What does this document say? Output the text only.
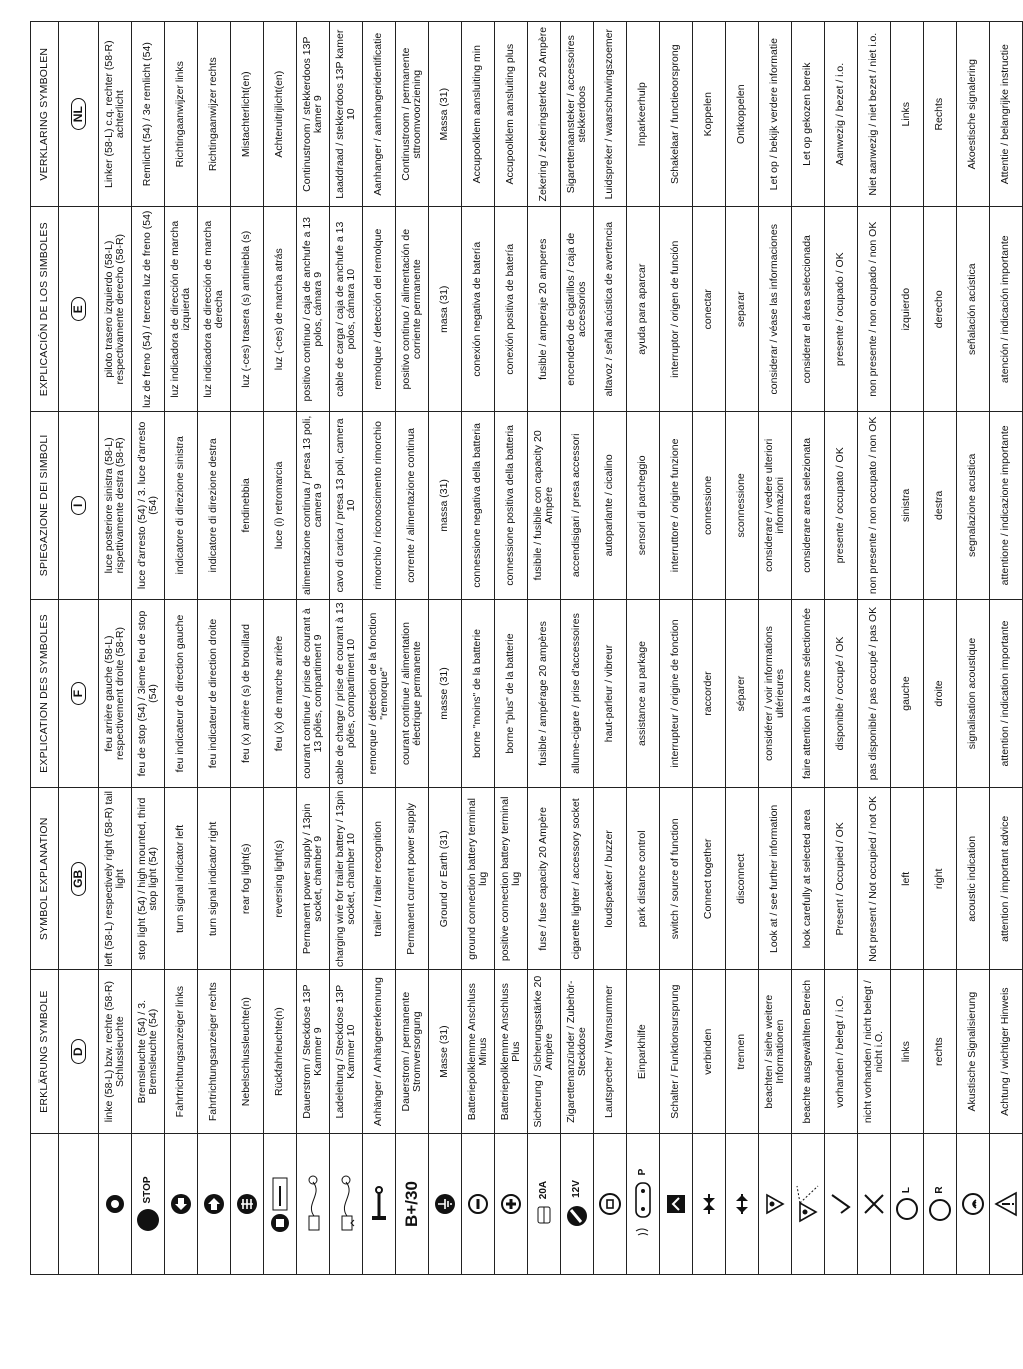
	ERKLÄRUNG SYMBOLE	SYMBOL EXPLANATION	EXPLICATION DES SYMBOLES	SPIEGAZIONE DEI SIMBOLI	EXPLICACIÓN DE LOS SIMBOLES	VERKLARING SYMBOLEN
	D	GB	F	I	E	NL

	linke (58-L) bzw. rechte (58-R) Schlussleuchte	left (58-L) respectively right (58-R) tail light	feu arrière gauche (58-L) respectivement droite (58-R)	luce posteriore sinistra (58-L) rispettivamente destra (58-R)	piloto trasero izquierdo (58-L) respectivamente derecho (58-R)	Linker (58-L) c.q. rechter (58-R) achterlicht

STOP	Bremsleuchte (54) / 3. Bremsleuchte (54)	stop light (54) / high mounted, third stop light (54)	feu de stop (54) / 3ieme feu de stop (54)	luce d'arresto (54) / 3. luce d'arresto (54)	luz de freno (54) / tercera luz de freno (54)	Remlicht (54) / 3e remlicht (54)

	Fahrtrichtungsanzeiger links	turn signal indicator left	feu indicateur de direction gauche	indicatore di direzione sinistra	luz indicadora de dirección de marcha izquierda	Richtingaanwijzer links

	Fahrtrichtungsanzeiger rechts	turn signal indicator right	feu indicateur de direction droite	indicatore di direzione destra	luz indicadora de dirección de marcha derecha	Richtingaanwijzer rechts

	Nebelschlussleuchte(n)	rear fog light(s)	feu (x) arrière (s) de brouillard	fendinebbia	luz (-ces) trasera (s) antiniebla (s)	Mistachterlicht(en)

	Rückfahrleuchte(n)	reversing light(s)	feu (x) de marche arrière	luce (i) retromarcia	luz (-ces) de marcha atrás	Achteruitrijlicht(en)

	Dauerstrom / Steckdose 13P Kammer 9	Permanent power supply / 13pin socket, chamber 9	courant continue / prise de courant à 13 pôles, compartiment 9	alimentazione continua / presa 13 poli, camera 9	positivo continuo / caja de anchufe a 13 polos, cámara 9	Continustroom / stekkerdoos 13P kamer 9

	Ladeleitung / Steckdose 13P Kammer 10	charging wire for trailer battery / 13pin socket, chamber 10	cable de charge / prise de courant à 13 pôles, compartiment 10	cavo di carica / presa 13 poli, camera 10	cable de carga / caja de anchufe a 13 polos, cámara 10	Laaddraad / stekkerdoos 13P kamer 10

	Anhänger / Anhängererkennung	trailer / trailer recognition	remorque / détection de la fonction "remorque"	rimorchio / riconoscimento rimorchio	remolque / detección del remolque	Aanhanger / aanhangeridentificatie

B+/30	Dauerstrom / permanente Stromversorgung	Permanent current power supply	courant continue / alimentation électrique permanente	corrente / alimentazione continua	positivo continuo / alimentación de corriente permanente	Continustroom / permanente sttroomvoorziening

	Masse (31)	Ground or Earth (31)	masse (31)	massa (31)	masa (31)	Massa (31)

	Batteriepolklemme Anschluss Minus	ground connection battery terminal lug	borne "moins" de la batterie	connessione negativa della batteria	conexión negativa de batería	Accupoolklem aansluiting min

	Batteriepolklemme Anschluss Plus	positive connection battery terminal lug	borne "plus" de la batterie	connessione positiva della batteria	conexión positiva de batería	Accupoolklem aansluiting plus

20A	Sicherung / Sicherungsstärke 20 Ampère	fuse / fuse capacity 20 Ampère	fusible / ampérage 20 ampères	fusibile / fusibile con capacity 20 Ampère	fusible / amperaje 20 amperes	Zekering / zekeringsterkte 20 Ampère

12V	Zigarettenanzünder / Zubehör-Steckdose	cigarette lighter / accessory socket	allume-cigare / prise d'accessoires	accendisigari / presa accessori	encendedo de cigarillos / caja de accessorios	Sigarettenaansteker / accessoires stekkerdoos

	Lautsprecher / Warnsummer	loudspeaker / buzzer	haut-parleur / vibreur	autoparlante / cicalino	altavoz / señal acústica de avertencia	Luidspreker / waarschuwingszoemer

P	Einparkhilfe	park distance control	assistance au parkage	sensori di parcheggio	ayuda para aparcar	Inparkeerhulp

	Schalter / Funktionsursprung	switch / source of function	interrupteur / origine de fonction	interruttore / origine funzione	interruptor / origen de función	Schakelaar / functieoorsprong

	verbinden	Connect together	raccorder	connessione	conectar	Koppelen

	trennen	disconnect	séparer	sconnessione	separar	Ontkoppelen

	beachten / siehe weitere Informationen	Look at / see further information	considérer / voir informations ultérieures	considerare / vedere ulteriori informazioni	considerar / véase las informaciones	Let op / bekijk verdere informatie

	beachte ausgewählten Bereich	look carefully at selected area	faire attention à la zone sélectionnée	considerare area selezionata	considerar el área seleccionada	Let op gekozen bereik

	vorhanden / belegt / i.O.	Present / Occupied / OK	disponible / occupé / OK	presente / occupato / OK	presente / ocupado / OK	Aanwezig / bezet / i.o.

	nicht vorhanden / nicht belegt / nicht i.O.	Not present / Not occupied / not OK	pas disponible / pas occupé / pas OK	non presente / non occupato / non OK	non presente / non ocupado / non OK	Niet aanwezig / niet bezet / niet i.o.

L	links	left	gauche	sinistra	izquierdo	Links

R	rechts	right	droite	destra	derecho	Rechts

	Akustische Signalisierung	acoustic indication	signalisation acoustique	segnalazione acustica	señalación acústica	Akoestische signalering

	Achtung / wichtiger Hinweis	attention / important advice	attention / indication importante	attentione / indicazione importante	atención / indicación importante	Attentie / belangrijke instructie
